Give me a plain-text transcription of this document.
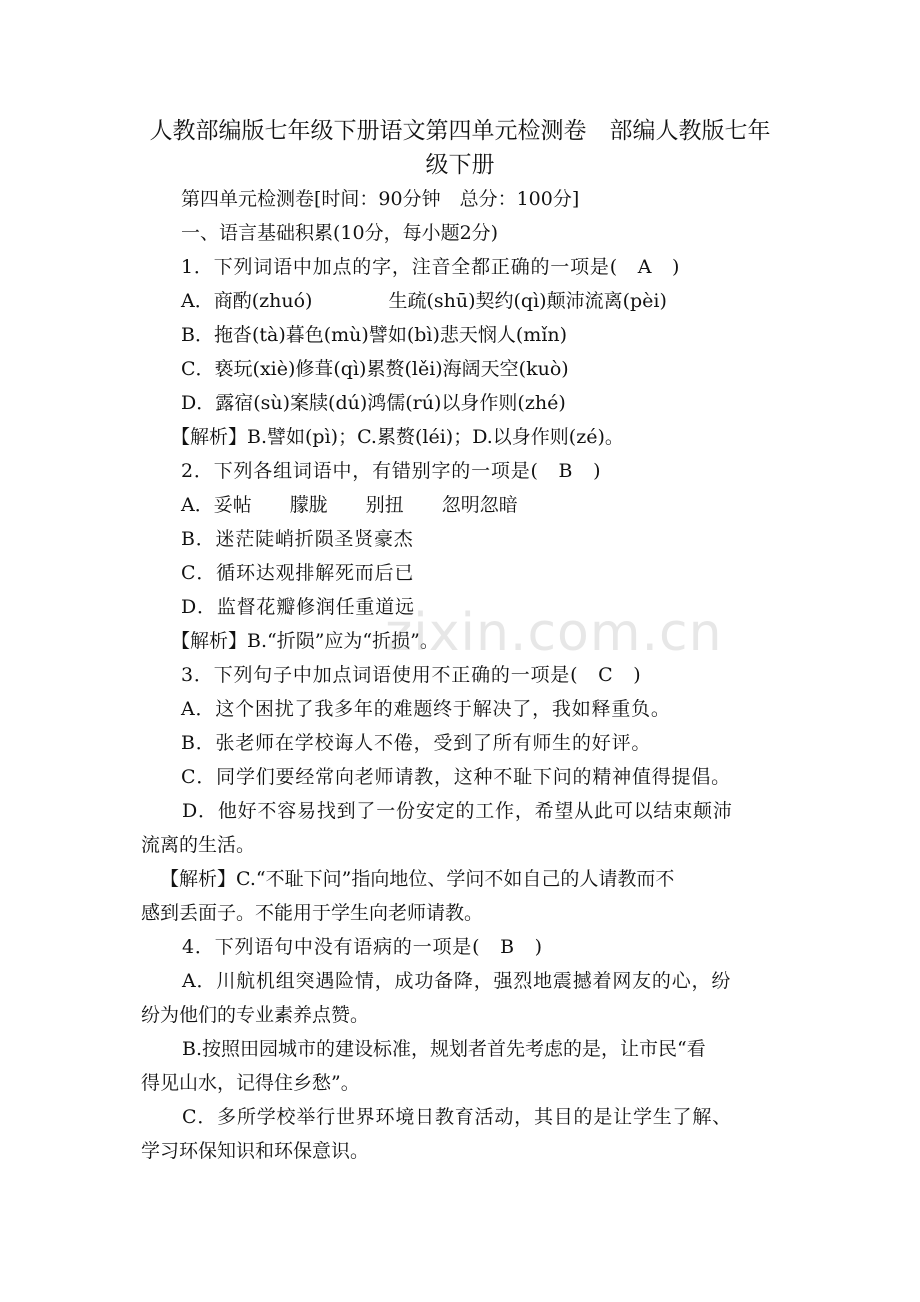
人教部编版七年级下册语文第四单元检测卷　部编人教版七年级下册
第四单元检测卷[时间：90分钟　总分：100分]
一、语言基础积累(10分，每小题2分)
1．下列词语中加点的字，注音全都正确的一项是(　A　)
A．商酌(zhuó)　　　　生疏(shū)契约(qì)颠沛流离(pèi)
B．拖沓(tà)暮色(mù)譬如(bì)悲天悯人(mǐn)
C．亵玩(xiè)修葺(qì)累赘(lěi)海阔天空(kuò)
D．露宿(sù)案牍(dú)鸿儒(rú)以身作则(zhé)
【解析】B.譬如(pì)；C.累赘(léi)；D.以身作则(zé)。
2．下列各组词语中，有错别字的一项是(　B　)
A．妥帖　　朦胧　　别扭　　忽明忽暗
B．迷茫陡峭折陨圣贤豪杰
C．循环达观排解死而后已
D．监督花瓣修润任重道远
【解析】B.“折陨”应为“折损”。
3．下列句子中加点词语使用不正确的一项是(　C　)
A．这个困扰了我多年的难题终于解决了，我如释重负。
B．张老师在学校诲人不倦，受到了所有师生的好评。
C．同学们要经常向老师请教，这种不耻下问的精神值得提倡。
D．他好不容易找到了一份安定的工作，希望从此可以结束颠沛
流离的生活。
【解析】C.“不耻下问”指向地位、学问不如自己的人请教而不
感到丢面子。不能用于学生向老师请教。
4．下列语句中没有语病的一项是(　B　)
A．川航机组突遇险情，成功备降，强烈地震撼着网友的心，纷
纷为他们的专业素养点赞。
B.按照田园城市的建设标准，规划者首先考虑的是，让市民“看
得见山水，记得住乡愁”。
C．多所学校举行世界环境日教育活动，其目的是让学生了解、
学习环保知识和环保意识。
zixin.com.cn
